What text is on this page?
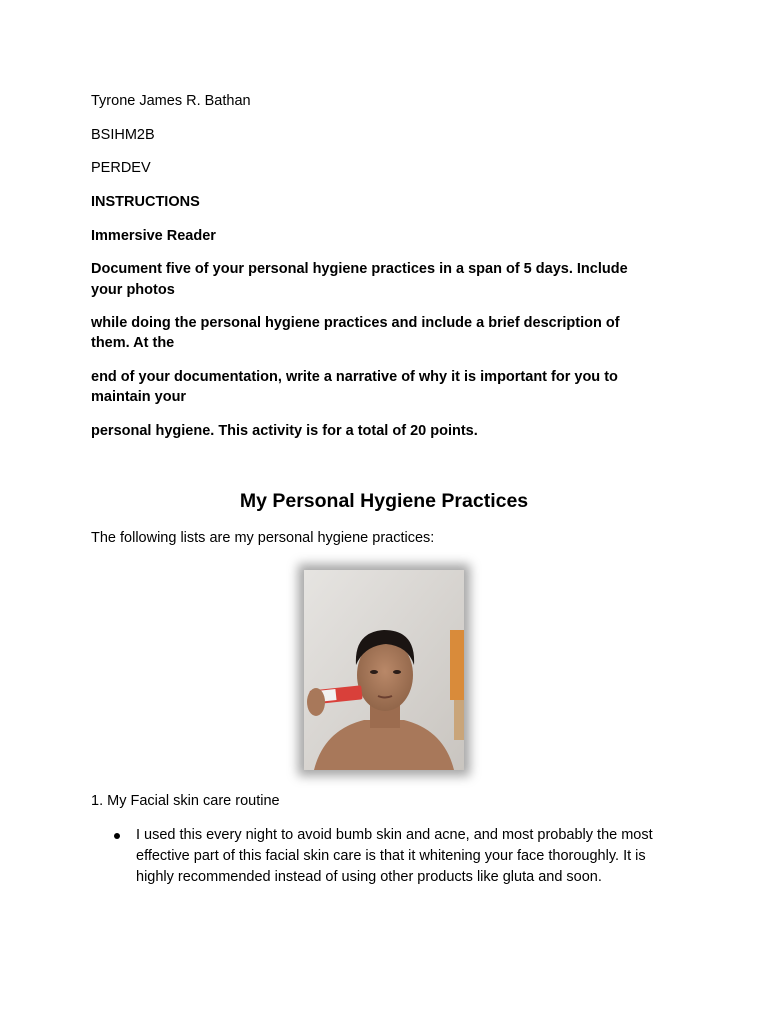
Tyrone James R. Bathan

BSIHM2B

PERDEV

INSTRUCTIONS

Immersive Reader

Document five of your personal hygiene practices in a span of 5 days. Include

your photos

while doing the personal hygiene practices and include a brief description of

them. At the

end of your documentation, write a narrative of why it is important for you to

maintain your

personal hygiene. This activity is for a total of 20 points.

My Personal Hygiene Practices

The following lists are my personal hygiene practices:

1. My Facial skin care routine

I used this every night to avoid bumb skin and acne, and most probably the most
effective part of this facial skin care is that it whitening your face thoroughly. It is
highly recommended instead of using other products like gluta and soon.
